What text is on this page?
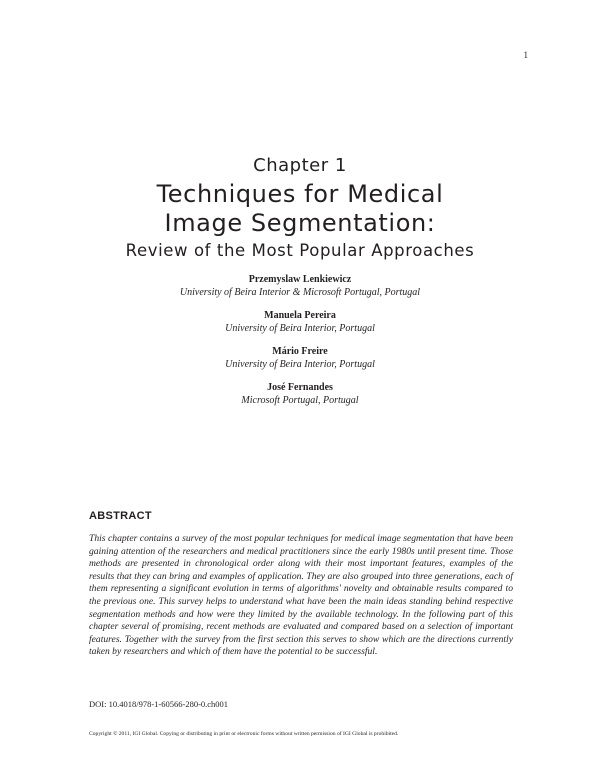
1
Chapter 1
Techniques for Medical
Image Segmentation:
Review of the Most Popular Approaches
Przemyslaw Lenkiewicz
University of Beira Interior & Microsoft Portugal, Portugal
Manuela Pereira
University of Beira Interior, Portugal
Mário Freire
University of Beira Interior, Portugal
José Fernandes
Microsoft Portugal, Portugal
ABSTRACT
This chapter contains a survey of the most popular techniques for medical image segmentation that have been gaining attention of the researchers and medical practitioners since the early 1980s until present time. Those methods are presented in chronological order along with their most important features, examples of the results that they can bring and examples of application. They are also grouped into three generations, each of them representing a significant evolution in terms of algorithms' novelty and obtainable results compared to the previous one. This survey helps to understand what have been the main ideas standing behind respective segmentation methods and how were they limited by the available technology. In the following part of this chapter several of promising, recent methods are evaluated and compared based on a selection of important features. Together with the survey from the first section this serves to show which are the directions currently taken by researchers and which of them have the potential to be successful.
DOI: 10.4018/978-1-60566-280-0.ch001
Copyright © 2011, IGI Global. Copying or distributing in print or electronic forms without written permission of IGI Global is prohibited.
